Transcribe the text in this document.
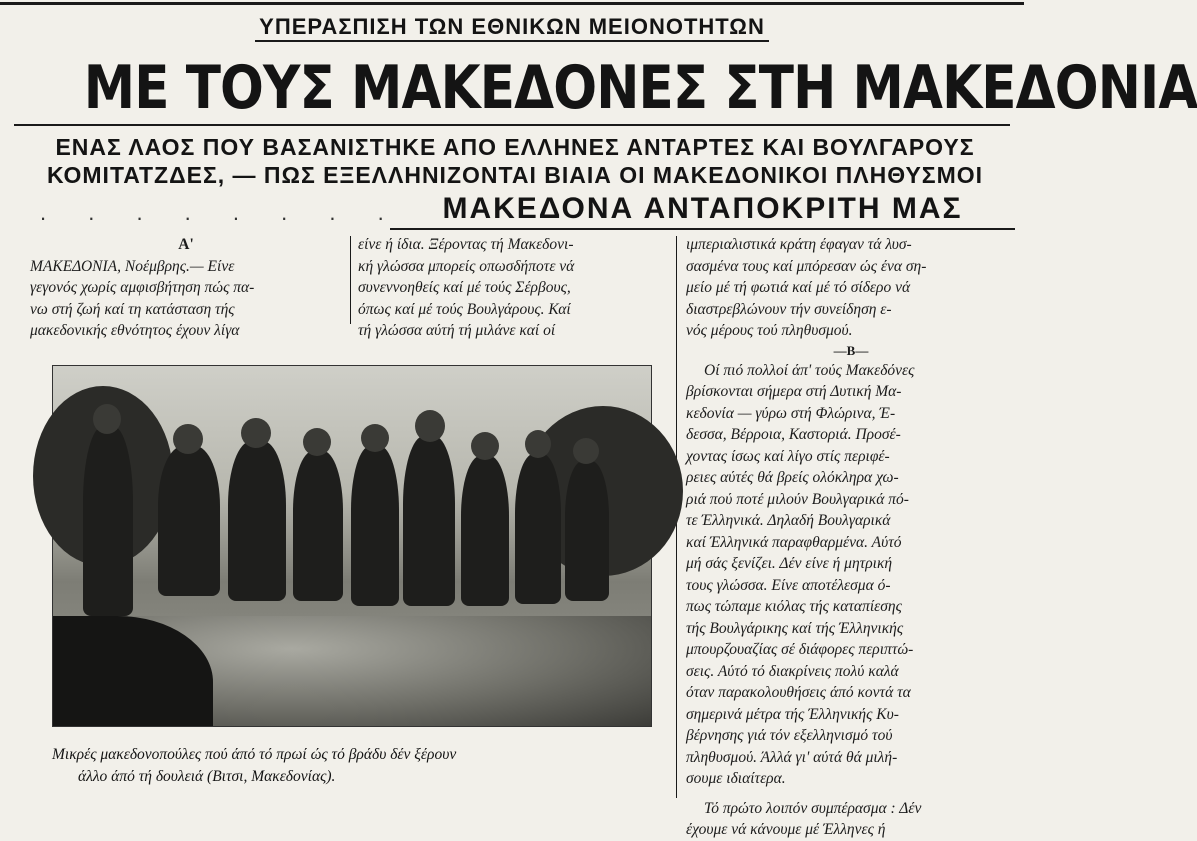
ΥΠΕΡΑΣΠΙΣΗ ΤΩΝ ΕΘΝΙΚΩΝ ΜΕΙΟΝΟΤΗΤΩΝ
ΜΕ ΤΟΥΣ ΜΑΚΕΔΟΝΕΣ ΣΤΗ ΜΑΚΕΔΟΝΙΑ
ΕΝΑΣ ΛΑΟΣ ΠΟΥ ΒΑΣΑΝΙΣΤΗΚΕ ΑΠΟ ΕΛΛΗΝΕΣ ΑΝΤΑΡΤΕΣ ΚΑΙ ΒΟΥΛΓΑΡΟΥΣ
ΚΟΜΙΤΑΤΖΔΕΣ, — ΠΩΣ ΕΞΕΛΛΗΝΙΖΟΝΤΑΙ ΒΙΑΙΑ ΟΙ ΜΑΚΕΔΟΝΙΚΟΙ ΠΛΗΘΥΣΜΟΙ
. . . . . . . .	ΜΑΚΕΔΟΝΑ ΑΝΤΑΠΟΚΡΙΤΗ ΜΑΣ

Α'

ΜΑΚΕΔΟΝΙΑ, Νοέμβρης.— Είνε

γεγονός χωρίς αμφισβήτηση πώς πα-

νω στή ζωή καί τη κατάσταση τής

μακεδονικής εθνότητος έχουν λίγα

είνε ή ίδια. Ξέροντας τή Μακεδονι-

κή γλώσσα μπορείς οπωσδήποτε νά

συνεννοηθείς καί μέ τούς Σέρβους,

όπως καί μέ τούς Βουλγάρους. Καί

τή γλώσσα αύτή τή μιλάνε καί οί

Μικρές μακεδονοπούλες πού άπό τό πρωί ώς τό βράδυ δέν ξέρουν

άλλο άπό τή δουλειά (Βιτσι, Μακεδονίας).

ιμπεριαλιστικά κράτη έφαγαν τά λυσ-

σασμένα τους καί μπόρεσαν ώς ένα ση-

μείο μέ τή φωτιά καί μέ τό σίδερο νά

διαστρεβλώνουν τήν συνείδηση ε-

νός μέρους τού πληθυσμού.

—Β—

Οί πιό πολλοί άπ' τούς Μακεδόνες

βρίσκονται σήμερα στή Δυτική Μα-

κεδονία — γύρω στή Φλώρινα, Έ-

δεσσα, Βέρροια, Καστοριά. Προσέ-

χοντας ίσως καί λίγο στίς περιφέ-

ρειες αύτές θά βρείς ολόκληρα χω-

ριά πού ποτέ μιλούν Βουλγαρικά πό-

τε Έλληνικά. Δηλαδή Βουλγαρικά

καί Έλληνικά παραφθαρμένα. Αύτό

μή σάς ξενίζει. Δέν είνε ή μητρική

τους γλώσσα. Είνε αποτέλεσμα ό-

πως τώπαμε κιόλας τής καταπίεσης

τής Βουλγάρικης καί τής Έλληνικής

μπουρζουαζίας σέ διάφορες περιπτώ-

σεις. Αύτό τό διακρίνεις πολύ καλά

όταν παρακολουθήσεις άπό κοντά τα

σημερινά μέτρα τής Έλληνικής Κυ-

βέρνησης γιά τόν εξελληνισμό τού

πληθυσμού. Άλλά γι' αύτά θά μιλή-

σουμε ιδιαίτερα.

Τό πρώτο λοιπόν συμπέρασμα : Δέν

έχουμε νά κάνουμε μέ Έλληνες ή
